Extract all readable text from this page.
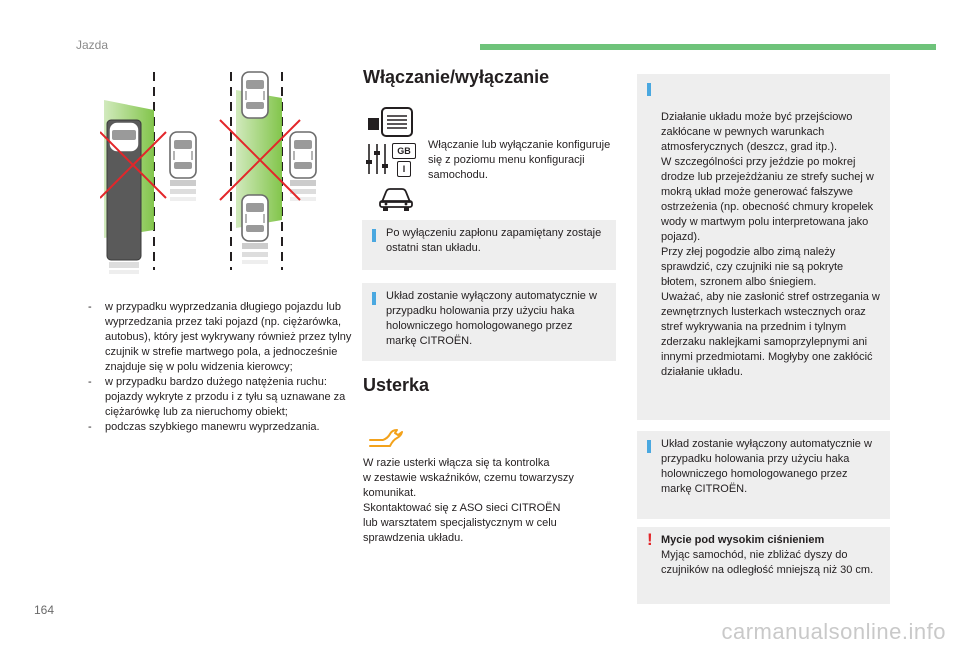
Jazda
- w przypadku wyprzedzania długiego pojazdu lub wyprzedzania przez taki pojazd (np. ciężarówka, autobus), który jest wykrywany również przez tylny czujnik w strefie martwego pola, a jednocześnie znajduje się w polu widzenia kierowcy;
- w przypadku bardzo dużego natężenia ruchu: pojazdy wykryte z przodu i z tyłu są uznawane za ciężarówkę lub za nieruchomy obiekt;
- podczas szybkiego manewru wyprzedzania.
Włączanie/wyłączanie
GB
I
Włączanie lub wyłączanie konfiguruje się z poziomu menu konfiguracji samochodu.
Po wyłączeniu zapłonu zapamiętany zostaje ostatni stan układu.
Układ zostanie wyłączony automatycznie w przypadku holowania przy użyciu haka holowniczego homologowanego przez markę CITROËN.
Usterka
W razie usterki włącza się ta kontrolka
w zestawie wskaźników, czemu towarzyszy komunikat.
Skontaktować się z ASO sieci CITROËN
lub warsztatem specjalistycznym w celu sprawdzenia układu.

Działanie układu może być przejściowo zakłócane w pewnych warunkach atmosferycznych (deszcz, grad itp.).
W szczególności przy jeździe po mokrej drodze lub przejeżdżaniu ze strefy suchej w mokrą układ może generować fałszywe ostrzeżenia (np. obecność chmury kropelek wody w martwym polu interpretowana jako pojazd).
Przy złej pogodzie albo zimą należy sprawdzić, czy czujniki nie są pokryte błotem, szronem albo śniegiem.
Uważać, aby nie zasłonić stref ostrzegania w zewnętrznych lusterkach wstecznych oraz stref wykrywania na przednim i tylnym zderzaku naklejkami samoprzylepnymi ani innymi przedmiotami. Mogłyby one zakłócić działanie układu.

Układ zostanie wyłączony automatycznie w przypadku holowania przy użyciu haka holowniczego homologowanego przez markę CITROËN.
! Mycie pod wysokim ciśnieniem
Myjąc samochód, nie zbliżać dyszy do czujników na odległość mniejszą niż 30 cm.
164
carmanualsonline.info
